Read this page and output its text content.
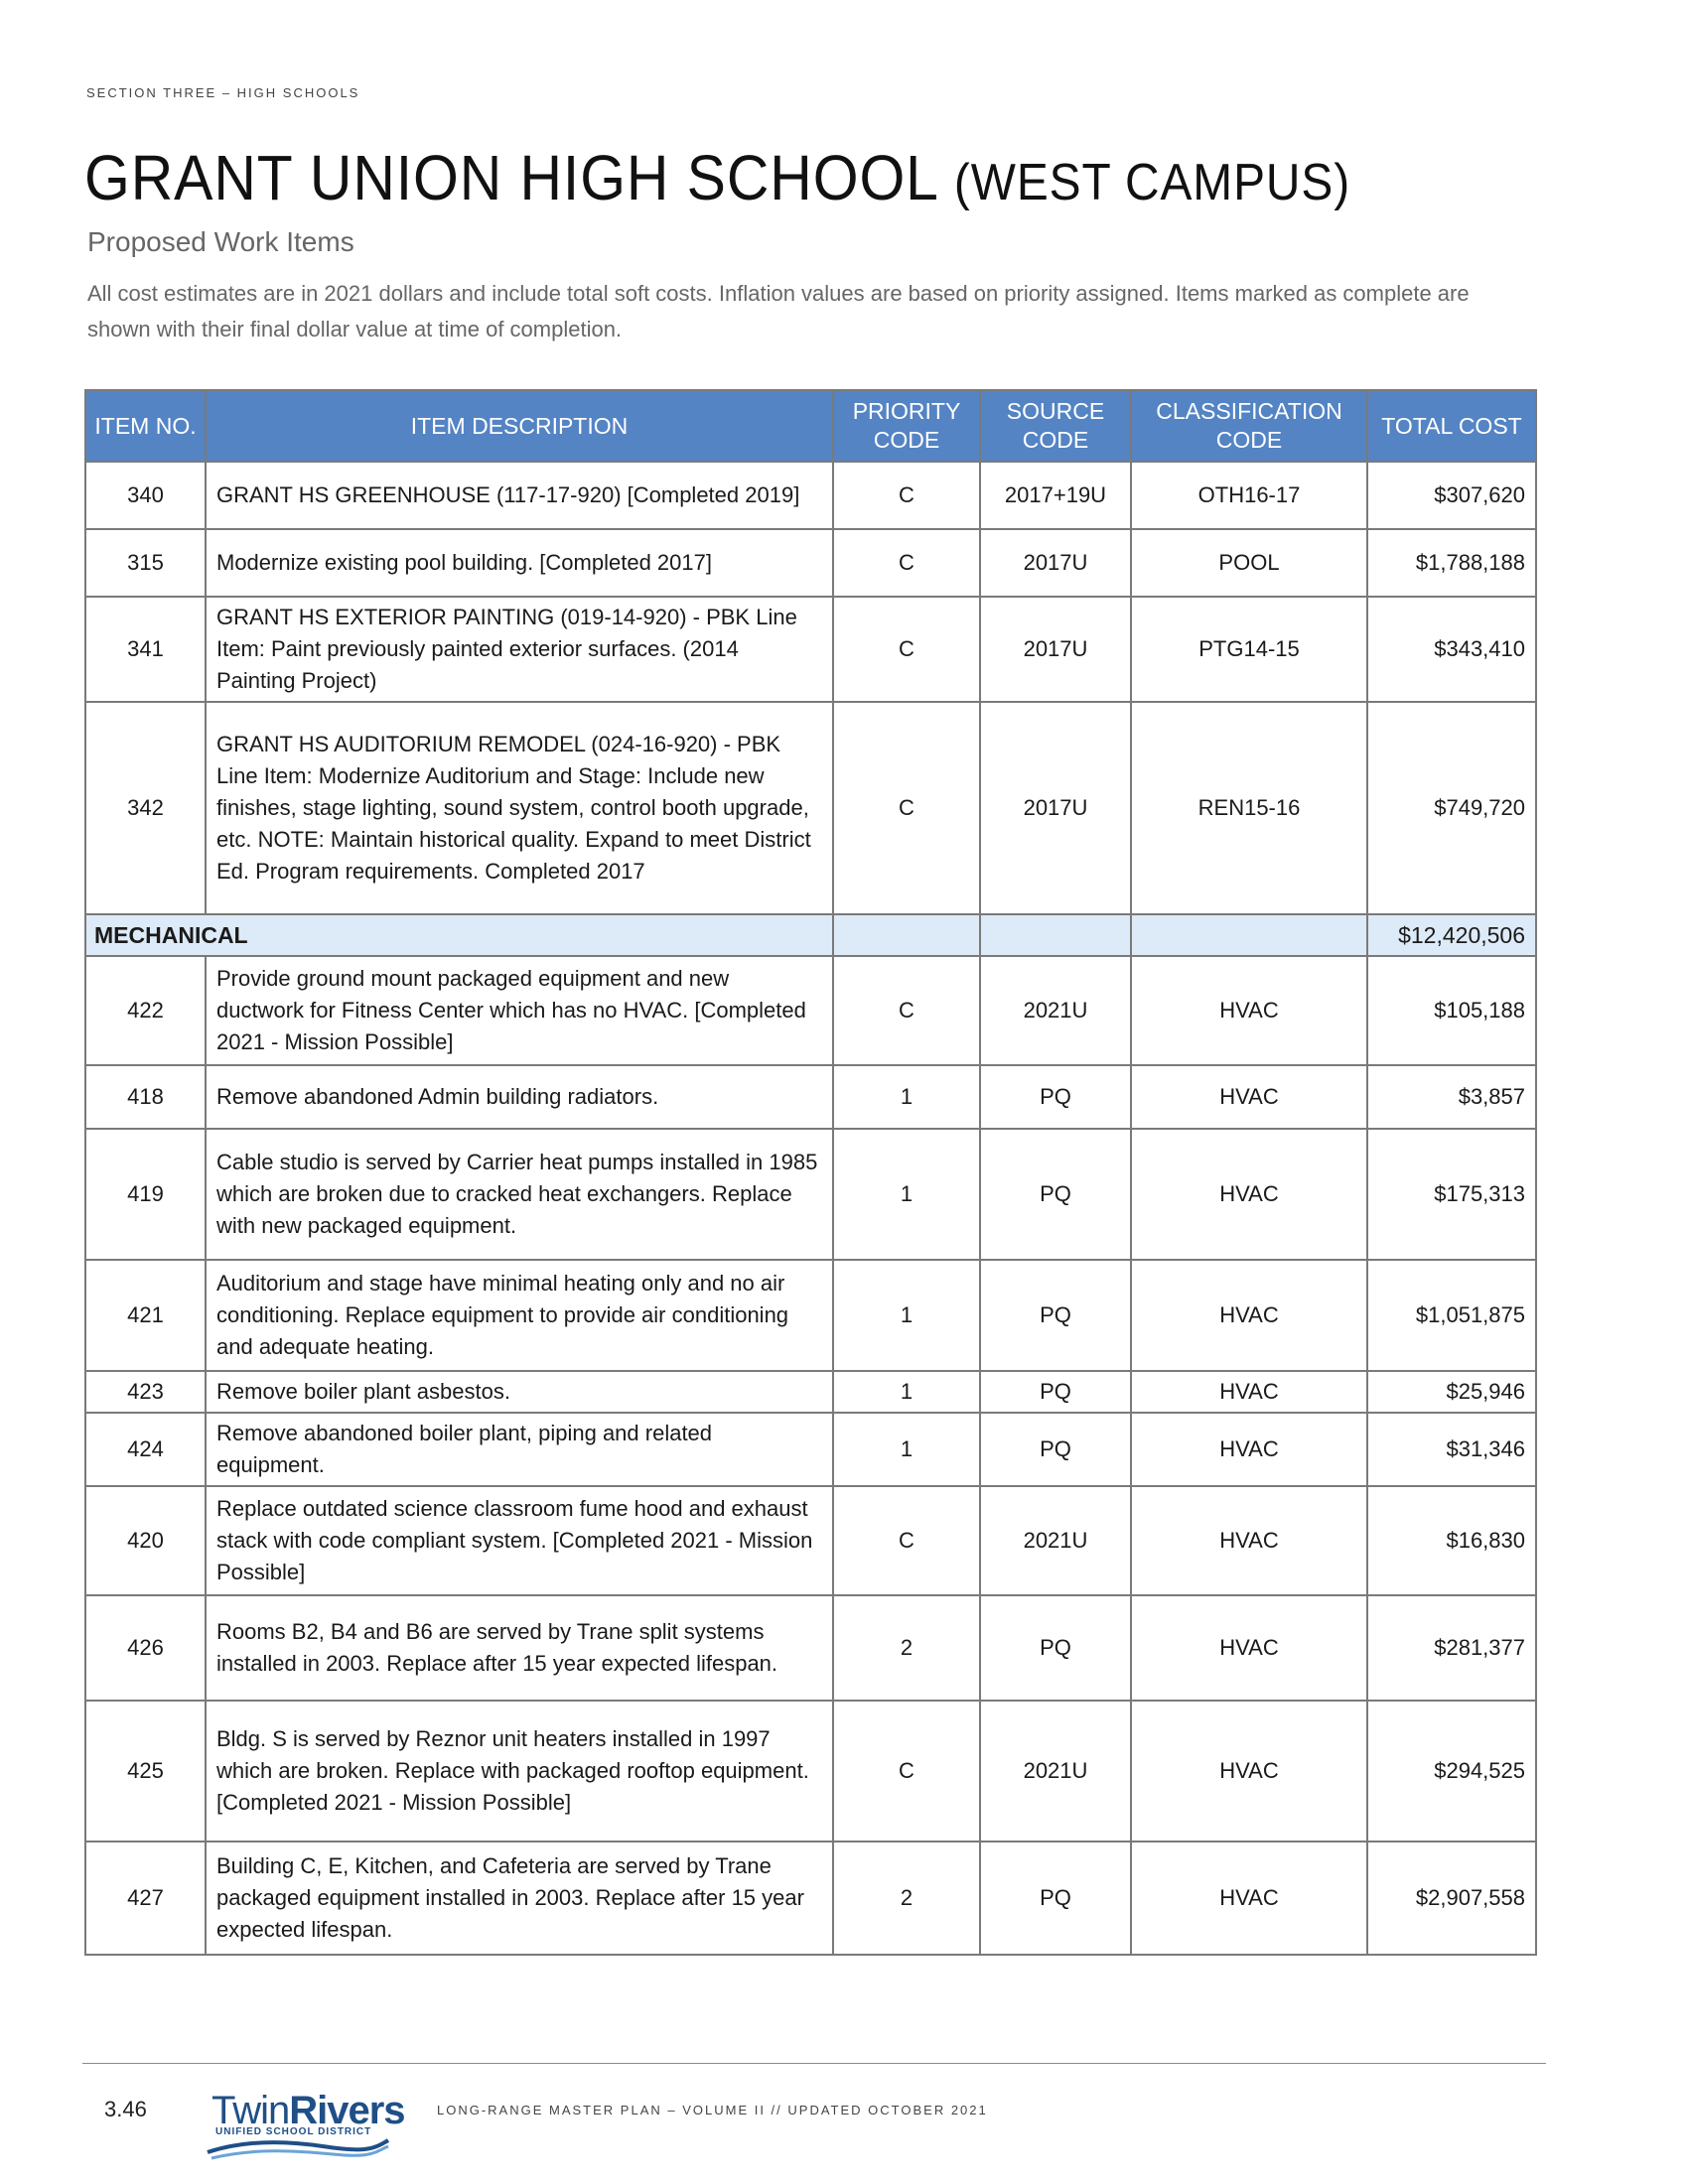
SECTION THREE – HIGH SCHOOLS
GRANT UNION HIGH SCHOOL (WEST CAMPUS)
Proposed Work Items
All cost estimates are in 2021 dollars and include total soft costs. Inflation values are based on priority assigned. Items marked as complete are shown with their final dollar value at time of completion.
ITEM NO.	ITEM DESCRIPTION	PRIORITY CODE	SOURCE CODE	CLASSIFICATION CODE	TOTAL COST
340	GRANT HS GREENHOUSE (117-17-920) [Completed 2019]	C	2017+19U	OTH16-17	$307,620
315	Modernize existing pool building. [Completed 2017]	C	2017U	POOL	$1,788,188
341	GRANT HS EXTERIOR PAINTING (019-14-920) - PBK Line Item: Paint previously painted exterior surfaces. (2014 Painting Project)	C	2017U	PTG14-15	$343,410
342	GRANT HS AUDITORIUM REMODEL (024-16-920) - PBK Line Item: Modernize Auditorium and Stage: Include new finishes, stage lighting, sound system, control booth upgrade, etc. NOTE: Maintain historical quality. Expand to meet District Ed. Program requirements. Completed 2017	C	2017U	REN15-16	$749,720
MECHANICAL					$12,420,506
422	Provide ground mount packaged equipment and new ductwork for Fitness Center which has no HVAC. [Completed 2021 - Mission Possible]	C	2021U	HVAC	$105,188
418	Remove abandoned Admin building radiators.	1	PQ	HVAC	$3,857
419	Cable studio is served by Carrier heat pumps installed in 1985 which are broken due to cracked heat exchangers. Replace with new packaged equipment.	1	PQ	HVAC	$175,313
421	Auditorium and stage have minimal heating only and no air conditioning. Replace equipment to provide air conditioning and adequate heating.	1	PQ	HVAC	$1,051,875
423	Remove boiler plant asbestos.	1	PQ	HVAC	$25,946
424	Remove abandoned boiler plant, piping and related equipment.	1	PQ	HVAC	$31,346
420	Replace outdated science classroom fume hood and exhaust stack with code compliant system. [Completed 2021 - Mission Possible]	C	2021U	HVAC	$16,830
426	Rooms B2, B4 and B6 are served by Trane split systems installed in 2003. Replace after 15 year expected lifespan.	2	PQ	HVAC	$281,377
425	Bldg. S is served by Reznor unit heaters installed in 1997 which are broken. Replace with packaged rooftop equipment. [Completed 2021 - Mission Possible]	C	2021U	HVAC	$294,525
427	Building C, E, Kitchen, and Cafeteria are served by Trane packaged equipment installed in 2003. Replace after 15 year expected lifespan.	2	PQ	HVAC	$2,907,558
3.46 TwinRivers
UNIFIED SCHOOL DISTRICT
LONG-RANGE MASTER PLAN – VOLUME II // UPDATED OCTOBER 2021
